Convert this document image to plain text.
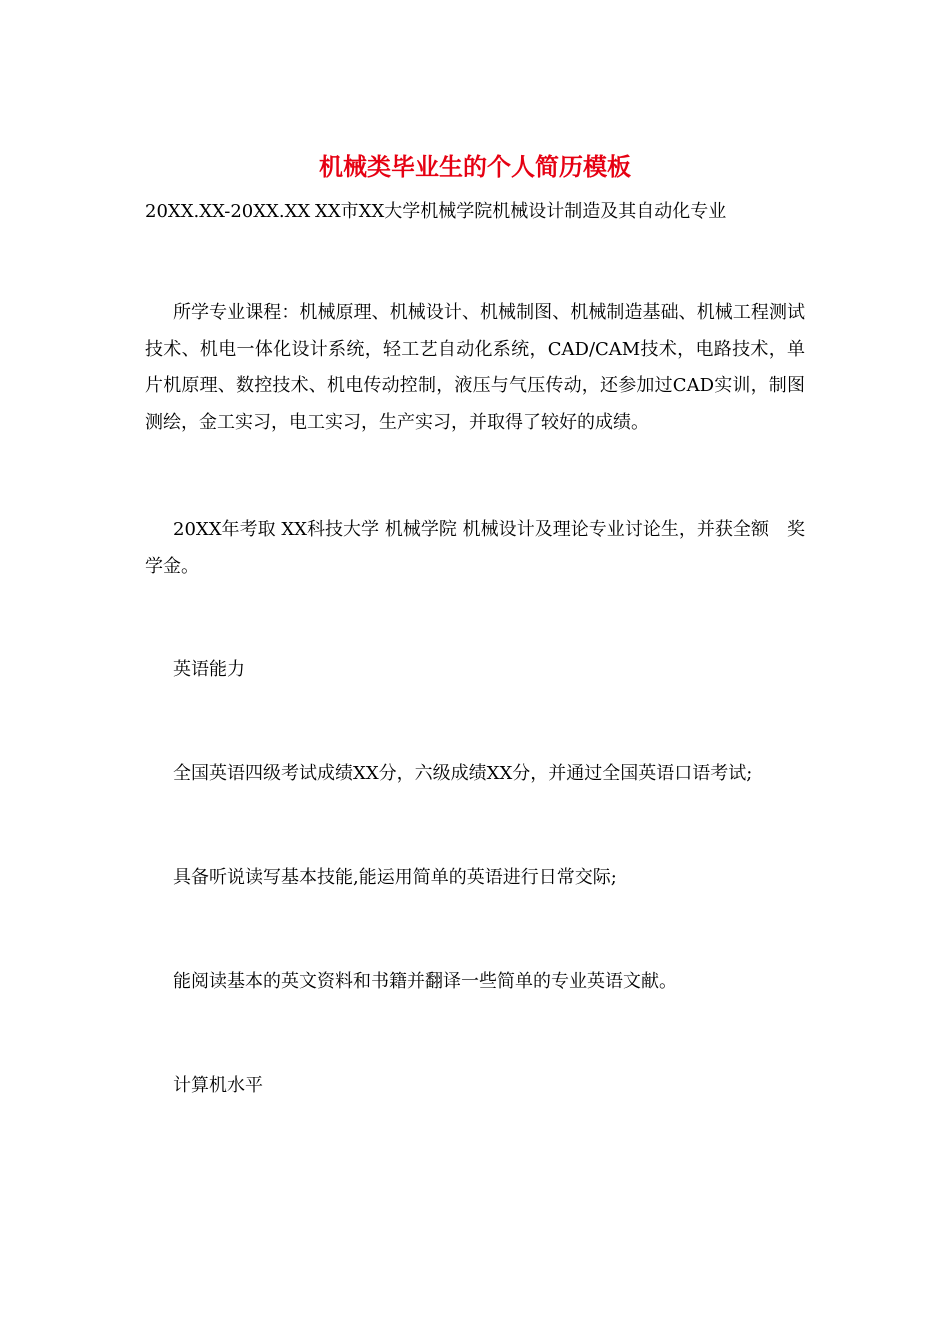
机械类毕业生的个人简历模板
20XX.XX-20XX.XX XX市XX大学机械学院机械设计制造及其自动化专业

所学专业课程：机械原理、机械设计、机械制图、机械制造基础、机械工程测试技术、机电一体化设计系统，轻工艺自动化系统，CAD/CAM技术，电路技术，单片机原理、数控技术、机电传动控制，液压与气压传动，还参加过CAD实训，制图测绘，金工实习，电工实习，生产实习，并取得了较好的成绩。

20XX年考取 XX科技大学 机械学院 机械设计及理论专业讨论生，并获全额　奖学金。

英语能力
全国英语四级考试成绩XX分，六级成绩XX分，并通过全国英语口语考试;
具备听说读写基本技能,能运用简单的英语进行日常交际;
能阅读基本的英文资料和书籍并翻译一些简单的专业英语文献。
计算机水平
